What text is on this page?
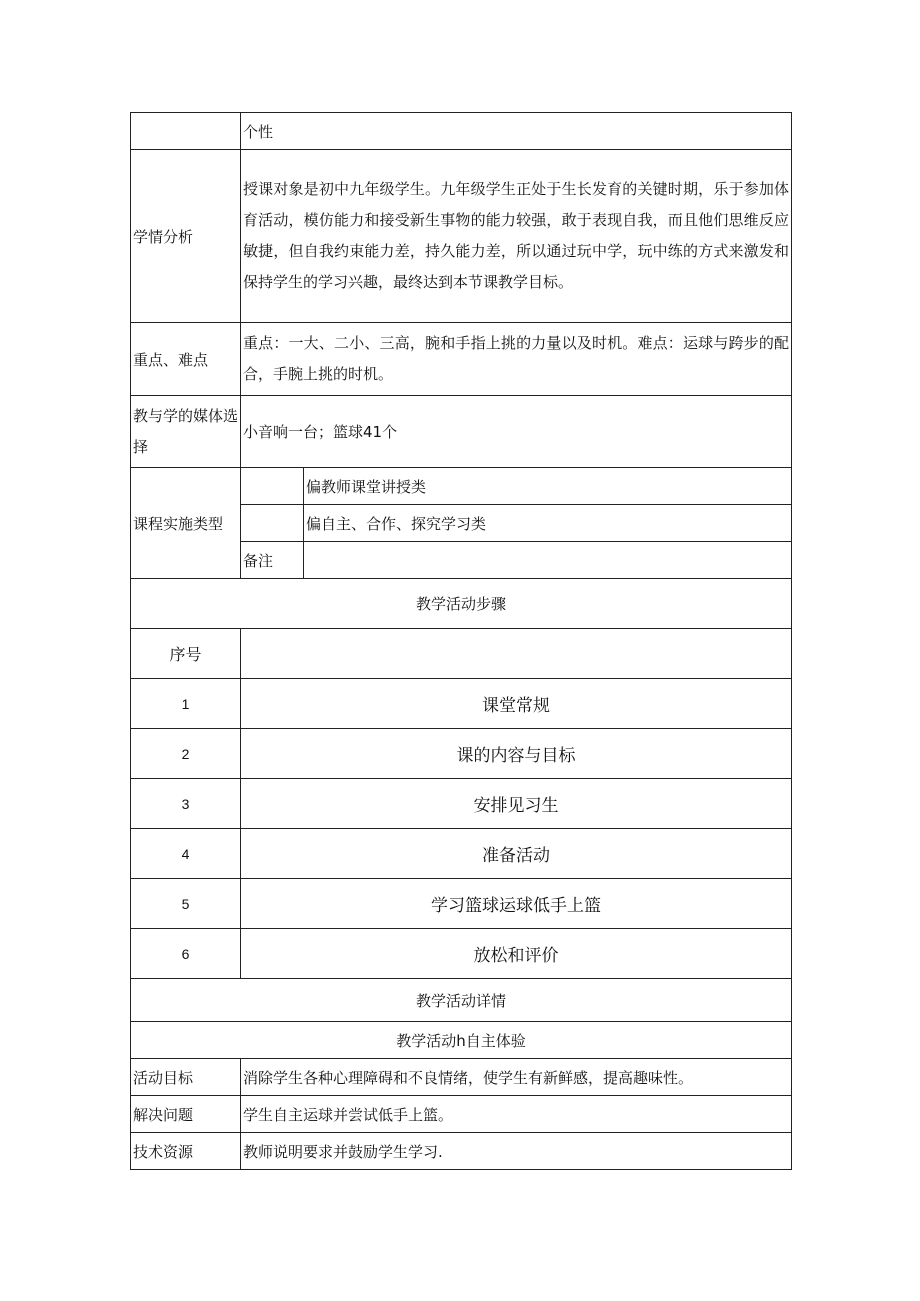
	个性	
学情分析	授课对象是初中九年级学生。九年级学生正处于生长发育的关键时期，乐于参加体育活动，模仿能力和接受新生事物的能力较强，敢于表现自我，而且他们思维反应敏捷，但自我约束能力差，持久能力差，所以通过玩中学，玩中练的方式来激发和保持学生的学习兴趣，最终达到本节课教学目标。	
重点、难点	重点：一大、二小、三高，腕和手指上挑的力量以及时机。难点：运球与跨步的配合，手腕上挑的时机。	
教与学的媒体选择	小音响一台；篮球41个	
课程实施类型		偏教师课堂讲授类
		偏自主、合作、探究学习类
	备注	
教学活动步骤		
序号		
1	课堂常规	
2	课的内容与目标	
3	安排见习生	
4	准备活动	
5	学习篮球运球低手上篮	
6	放松和评价	
教学活动详情		
教学活动h自主体验		
活动目标	消除学生各种心理障碍和不良情绪，使学生有新鲜感，提高趣味性。	
解决问题	学生自主运球并尝试低手上篮。	
技术资源	教师说明要求并鼓励学生学习.	
